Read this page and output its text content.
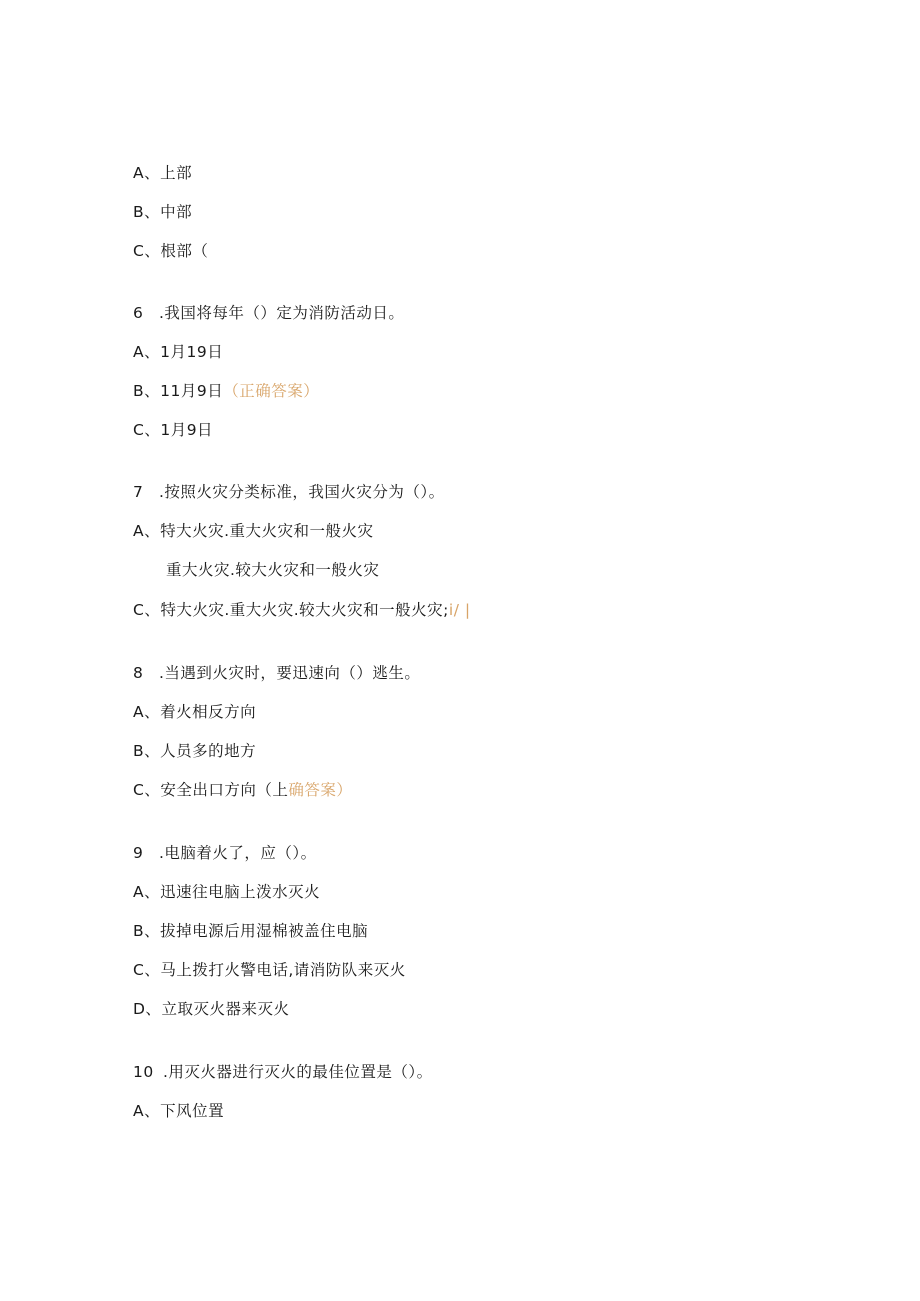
A、上部
B、中部
C、根部（
6 .我国将每年（）定为消防活动日。
A、1月19日
B、11月9日（正确答案）
C、1月9日
7 .按照火灾分类标准，我国火灾分为（）。
A、特大火灾.重大火灾和一般火灾
重大火灾.较大火灾和一般火灾
C、特大火灾.重大火灾.较大火灾和一般火灾;i/ |
8 .当遇到火灾时，要迅速向（）逃生。
A、着火相反方向
B、人员多的地方
C、安全出口方向（上确答案）
9 .电脑着火了，应（）。
A、迅速往电脑上泼水灭火
B、拔掉电源后用湿棉被盖住电脑
C、马上拨打火警电话,请消防队来灭火
D、立取灭火器来灭火
10 .用灭火器进行灭火的最佳位置是（）。
A、下风位置
